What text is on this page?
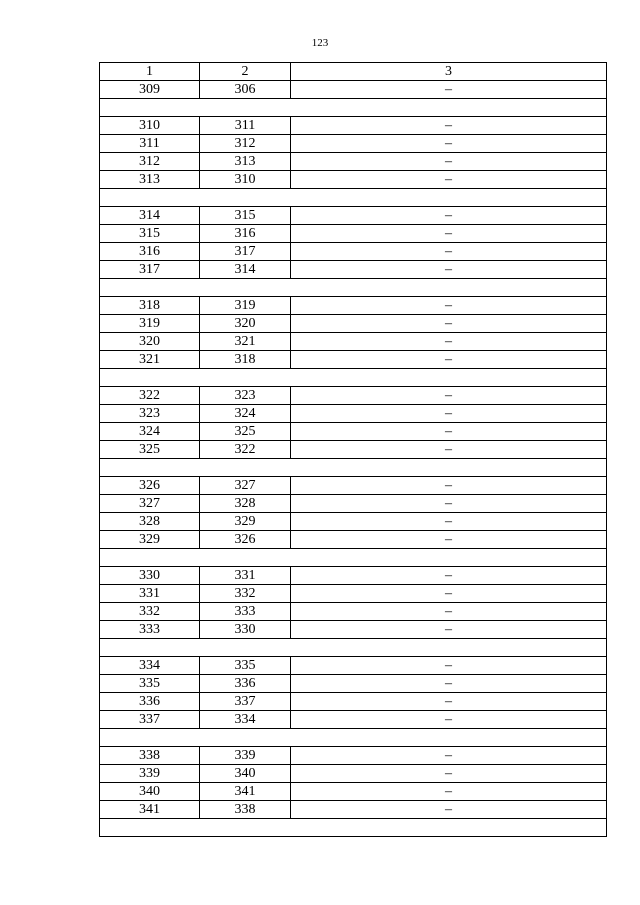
123
1	2	3
309	306	–

310	311	–
311	312	–
312	313	–
313	310	–

314	315	–
315	316	–
316	317	–
317	314	–

318	319	–
319	320	–
320	321	–
321	318	–

322	323	–
323	324	–
324	325	–
325	322	–

326	327	–
327	328	–
328	329	–
329	326	–

330	331	–
331	332	–
332	333	–
333	330	–

334	335	–
335	336	–
336	337	–
337	334	–

338	339	–
339	340	–
340	341	–
341	338	–
